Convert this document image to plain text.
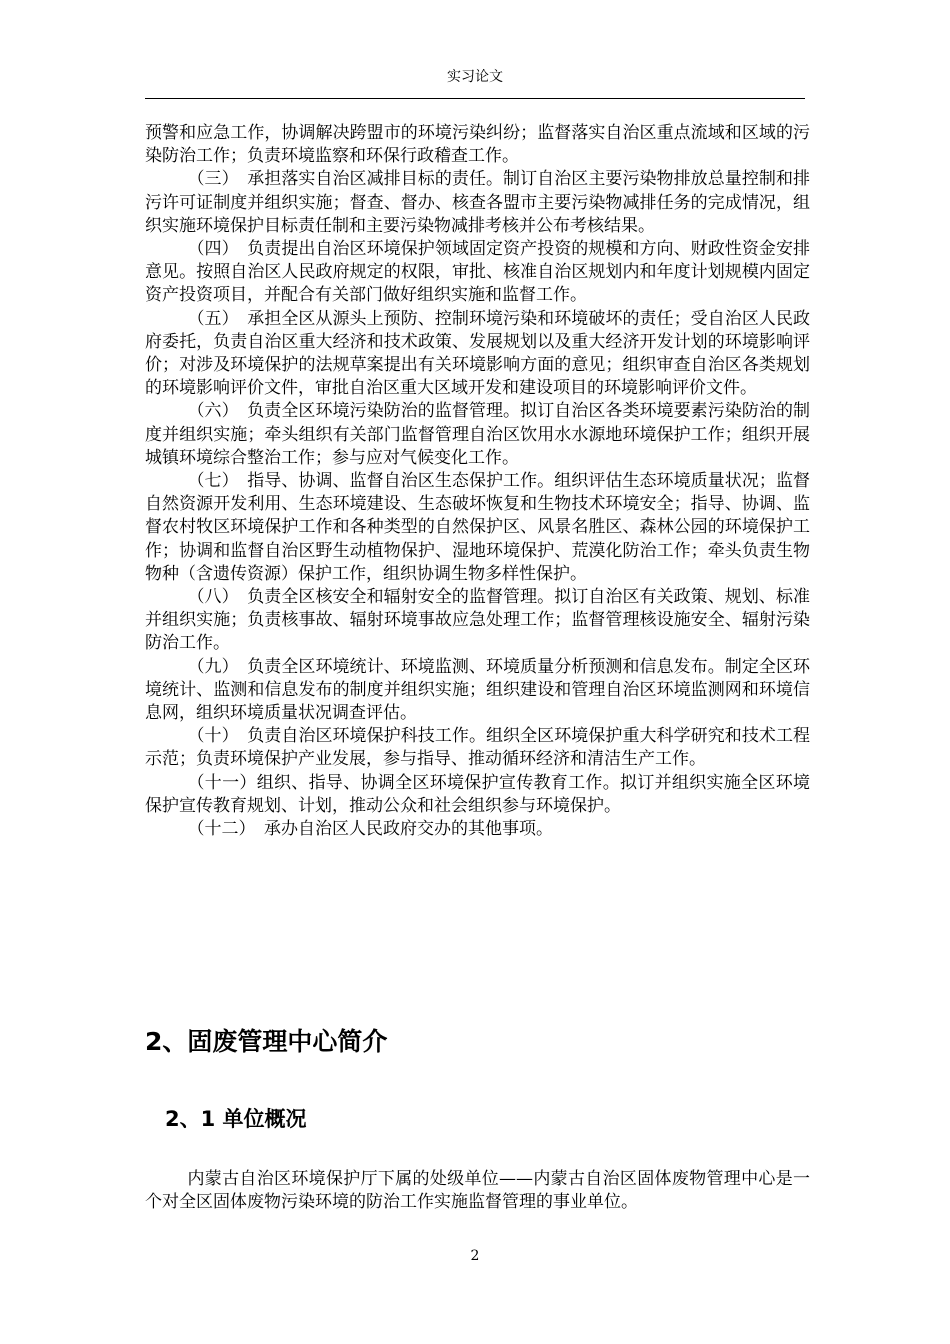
实习论文

预警和应急工作，协调解决跨盟市的环境污染纠纷；监督落实自治区重点流域和区域的污染防治工作；负责环境监察和环保行政稽查工作。

（三）　承担落实自治区减排目标的责任。制订自治区主要污染物排放总量控制和排污许可证制度并组织实施；督查、督办、核查各盟市主要污染物减排任务的完成情况，组织实施环境保护目标责任制和主要污染物减排考核并公布考核结果。

（四）　负责提出自治区环境保护领域固定资产投资的规模和方向、财政性资金安排意见。按照自治区人民政府规定的权限，审批、核准自治区规划内和年度计划规模内固定资产投资项目，并配合有关部门做好组织实施和监督工作。

（五）　承担全区从源头上预防、控制环境污染和环境破坏的责任；受自治区人民政府委托，负责自治区重大经济和技术政策、发展规划以及重大经济开发计划的环境影响评价；对涉及环境保护的法规草案提出有关环境影响方面的意见；组织审查自治区各类规划的环境影响评价文件，审批自治区重大区域开发和建设项目的环境影响评价文件。

（六）　负责全区环境污染防治的监督管理。拟订自治区各类环境要素污染防治的制度并组织实施；牵头组织有关部门监督管理自治区饮用水水源地环境保护工作；组织开展城镇环境综合整治工作；参与应对气候变化工作。

（七）　指导、协调、监督自治区生态保护工作。组织评估生态环境质量状况；监督自然资源开发利用、生态环境建设、生态破坏恢复和生物技术环境安全；指导、协调、监督农村牧区环境保护工作和各种类型的自然保护区、风景名胜区、森林公园的环境保护工作；协调和监督自治区野生动植物保护、湿地环境保护、荒漠化防治工作；牵头负责生物物种（含遗传资源）保护工作，组织协调生物多样性保护。

（八）　负责全区核安全和辐射安全的监督管理。拟订自治区有关政策、规划、标准并组织实施；负责核事故、辐射环境事故应急处理工作；监督管理核设施安全、辐射污染防治工作。

（九）　负责全区环境统计、环境监测、环境质量分析预测和信息发布。制定全区环境统计、监测和信息发布的制度并组织实施；组织建设和管理自治区环境监测网和环境信息网，组织环境质量状况调查评估。

（十）　负责自治区环境保护科技工作。组织全区环境保护重大科学研究和技术工程示范；负责环境保护产业发展，参与指导、推动循环经济和清洁生产工作。

（十一）组织、指导、协调全区环境保护宣传教育工作。拟订并组织实施全区环境保护宣传教育规划、计划，推动公众和社会组织参与环境保护。

（十二）　承办自治区人民政府交办的其他事项。

2、固废管理中心简介
2、1 单位概况

内蒙古自治区环境保护厅下属的处级单位——内蒙古自治区固体废物管理中心是一个对全区固体废物污染环境的防治工作实施监督管理的事业单位。

2
